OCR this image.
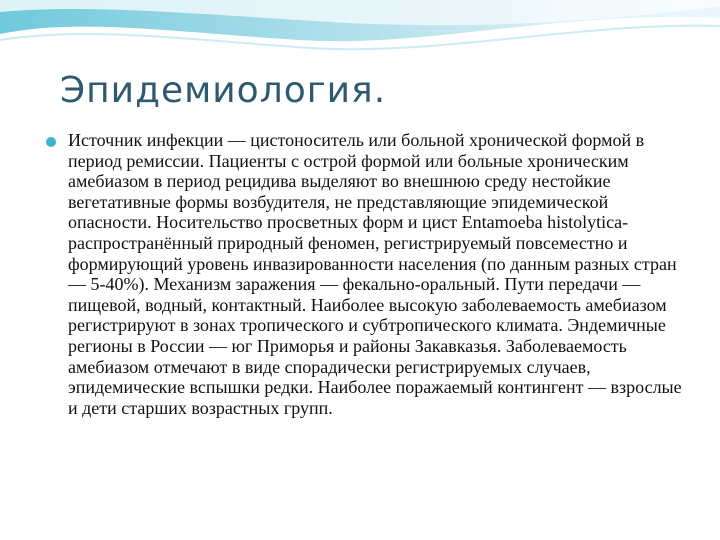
Эпидемиология.
Источник инфекции — цистоноситель или больной хронической формой в период ремиссии. Пациенты с острой формой или больные хроническим амебиазом в период рецидива выделяют во внешнюю среду нестойкие вегетативные формы возбудителя, не представляющие эпидемической опасности. Носительство просветных форм и цист Entamoeba histolytica- распространённый природный феномен, регистрируемый повсеместно и формирующий уровень инвазированности населения (по данным разных стран — 5-40%). Механизм заражения — фекально-оральный. Пути передачи — пищевой, водный, контактный. Наиболее высокую заболеваемость амебиазом регистрируют в зонах тропического и субтропического климата. Эндемичные регионы в России — юг Приморья и районы Закавказья. Заболеваемость амебиазом отмечают в виде спорадически регистрируемых случаев, эпидемические вспышки редки. Наиболее поражаемый контингент — взрослые и дети старших возрастных групп.
